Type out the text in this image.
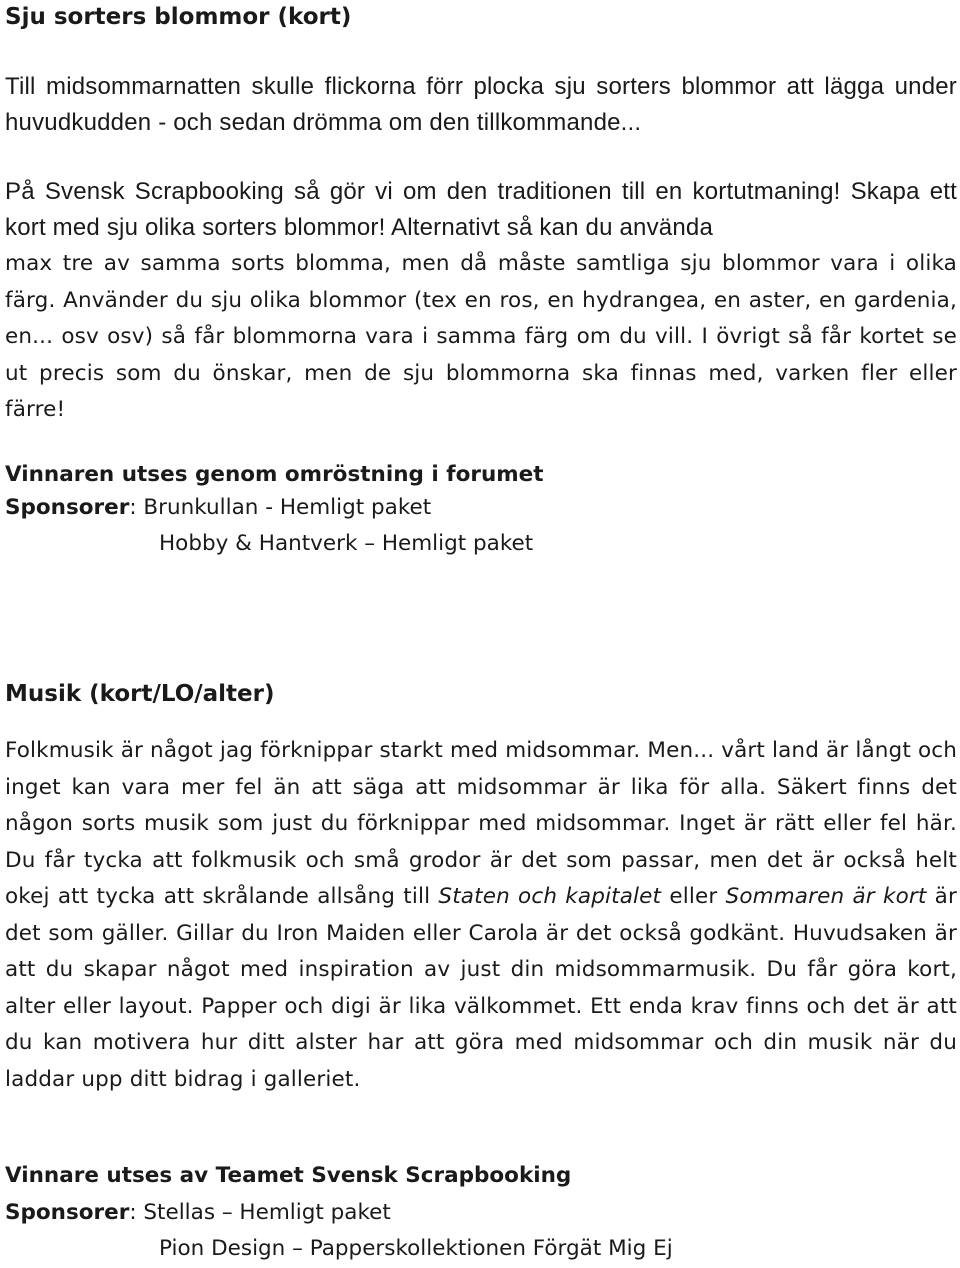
Sju sorters blommor (kort)

Till midsommarnatten skulle flickorna förr plocka sju sorters blommor att lägga under huvudkudden - och sedan drömma om den tillkommande...

På Svensk Scrapbooking så gör vi om den traditionen till en kortutmaning! Skapa ett kort med sju olika sorters blommor! Alternativt så kan du använda

max tre av samma sorts blomma, men då måste samtliga sju blommor vara i olika färg. Använder du sju olika blommor (tex en ros, en hydrangea, en aster, en gardenia, en... osv osv) så får blommorna vara i samma färg om du vill. I övrigt så får kortet se ut precis som du önskar, men de sju blommorna ska finnas med, varken fler eller färre!

Vinnaren utses genom omröstning i forumet

Sponsorer: Brunkullan - Hemligt paket

Hobby & Hantverk – Hemligt paket

Musik (kort/LO/alter)

Folkmusik är något jag förknippar starkt med midsommar. Men... vårt land är långt och inget kan vara mer fel än att säga att midsommar är lika för alla. Säkert finns det någon sorts musik som just du förknippar med midsommar. Inget är rätt eller fel här. Du får tycka att folkmusik och små grodor är det som passar, men det är också helt okej att tycka att skrålande allsång till Staten och kapitalet eller Sommaren är kort är det som gäller. Gillar du Iron Maiden eller Carola är det också godkänt. Huvudsaken är att du skapar något med inspiration av just din midsommarmusik. Du får göra kort, alter eller layout. Papper och digi är lika välkommet. Ett enda krav finns och det är att du kan motivera hur ditt alster har att göra med midsommar och din musik när du laddar upp ditt bidrag i galleriet.

Vinnare utses av Teamet Svensk Scrapbooking

Sponsorer: Stellas – Hemligt paket

Pion Design – Papperskollektionen Förgät Mig Ej
